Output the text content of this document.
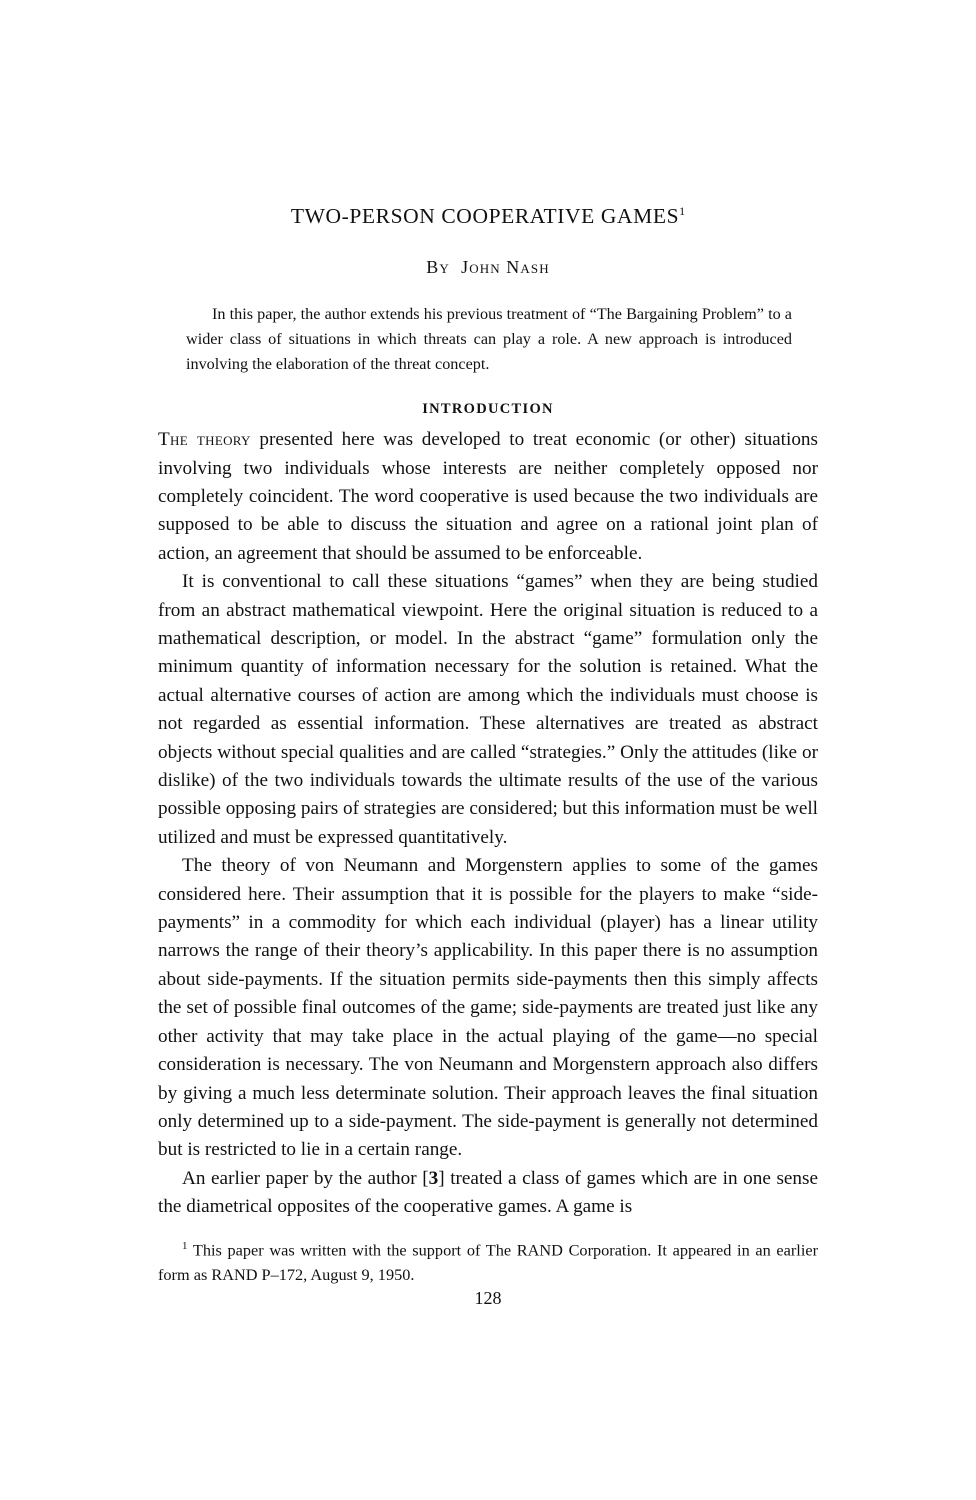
TWO-PERSON COOPERATIVE GAMES$^1$
By John Nash

In this paper, the author extends his previous treatment of “The Bargaining Problem” to a wider class of situations in which threats can play a role. A new approach is introduced involving the elaboration of the threat concept.

INTRODUCTION

The theory presented here was developed to treat economic (or other) situations involving two individuals whose interests are neither completely opposed nor completely coincident. The word cooperative is used because the two individuals are supposed to be able to discuss the situation and agree on a rational joint plan of action, an agreement that should be assumed to be enforceable.

It is conventional to call these situations “games” when they are being studied from an abstract mathematical viewpoint. Here the original situation is reduced to a mathematical description, or model. In the abstract “game” formulation only the minimum quantity of information necessary for the solution is retained. What the actual alternative courses of action are among which the individuals must choose is not regarded as essential information. These alternatives are treated as abstract objects without special qualities and are called “strategies.” Only the attitudes (like or dislike) of the two individuals towards the ultimate results of the use of the various possible opposing pairs of strategies are considered; but this information must be well utilized and must be expressed quantitatively.

The theory of von Neumann and Morgenstern applies to some of the games considered here. Their assumption that it is possible for the players to make “side-payments” in a commodity for which each individual (player) has a linear utility narrows the range of their theory’s applicability. In this paper there is no assumption about side-payments. If the situation permits side-payments then this simply affects the set of possible final outcomes of the game; side-payments are treated just like any other activity that may take place in the actual playing of the game—no special consideration is necessary. The von Neumann and Morgenstern approach also differs by giving a much less determinate solution. Their approach leaves the final situation only determined up to a side-payment. The side-payment is generally not determined but is restricted to lie in a certain range.

An earlier paper by the author [3] treated a class of games which are in one sense the diametrical opposites of the cooperative games. A game is

$^1$ This paper was written with the support of The RAND Corporation. It appeared in an earlier form as RAND P–172, August 9, 1950.

128
